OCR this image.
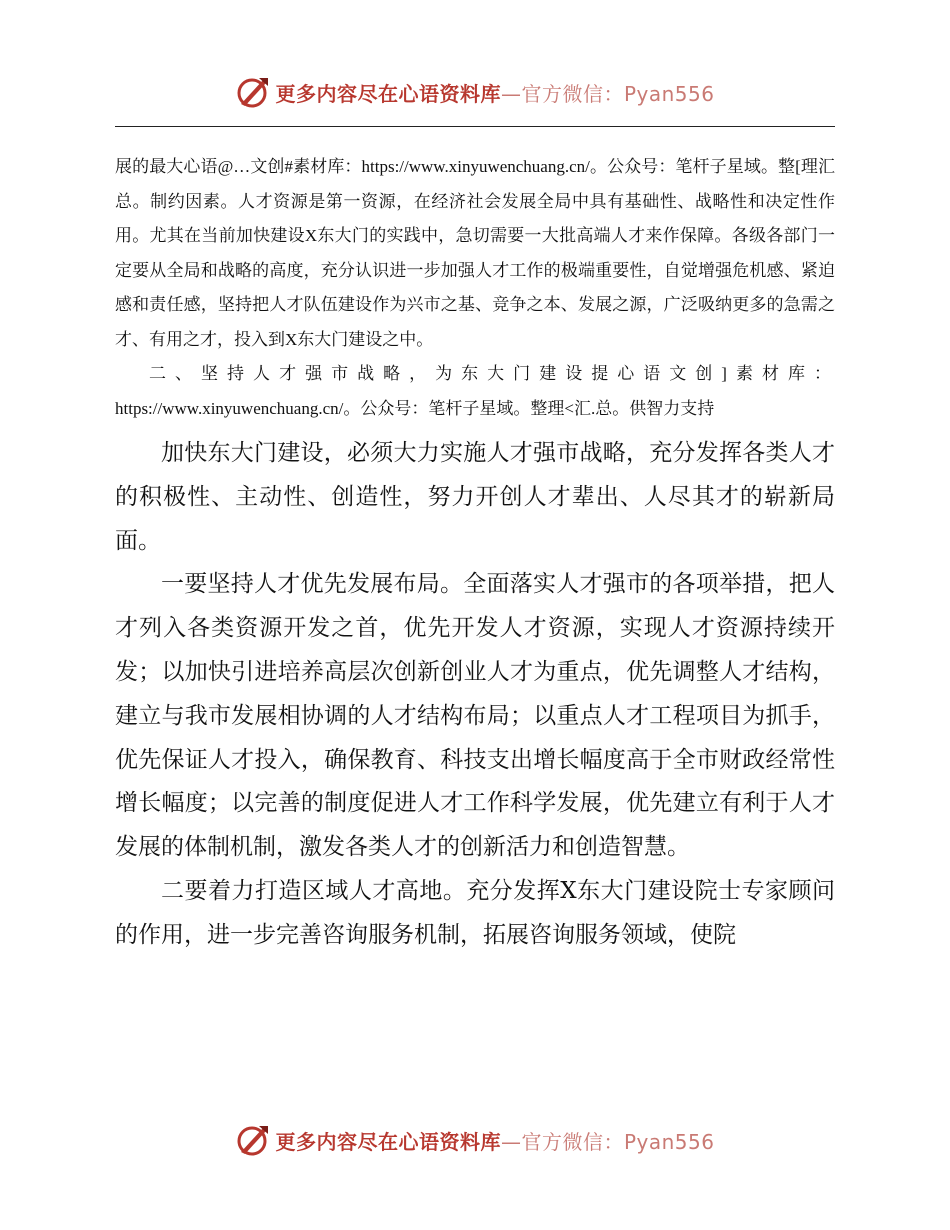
更多内容尽在心语资料库 —官方微信：Pyan556

展的最大心语@…文创#素材库：https://www.xinyuwenchuang.cn/。公众号：笔杆子星域。整[理汇总。制约因素。人才资源是第一资源，在经济社会发展全局中具有基础性、战略性和决定性作用。尤其在当前加快建设X东大门的实践中，急切需要一大批高端人才来作保障。各级各部门一定要从全局和战略的高度，充分认识进一步加强人才工作的极端重要性，自觉增强危机感、紧迫感和责任感，坚持把人才队伍建设作为兴市之基、竞争之本、发展之源，广泛吸纳更多的急需之才、有用之才，投入到X东大门建设之中。

二、坚持人才强市战略，为东大门建设提心语文创]素材库：https://www.xinyuwenchuang.cn/。公众号：笔杆子星域。整理<汇.总。供智力支持

加快东大门建设，必须大力实施人才强市战略，充分发挥各类人才的积极性、主动性、创造性，努力开创人才辈出、人尽其才的崭新局面。

一要坚持人才优先发展布局。全面落实人才强市的各项举措，把人才列入各类资源开发之首，优先开发人才资源，实现人才资源持续开发；以加快引进培养高层次创新创业人才为重点，优先调整人才结构，建立与我市发展相协调的人才结构布局；以重点人才工程项目为抓手，优先保证人才投入，确保教育、科技支出增长幅度高于全市财政经常性增长幅度；以完善的制度促进人才工作科学发展，优先建立有利于人才发展的体制机制，激发各类人才的创新活力和创造智慧。

二要着力打造区域人才高地。充分发挥X东大门建设院士专家顾问的作用，进一步完善咨询服务机制，拓展咨询服务领域，使院

更多内容尽在心语资料库 —官方微信：Pyan556
